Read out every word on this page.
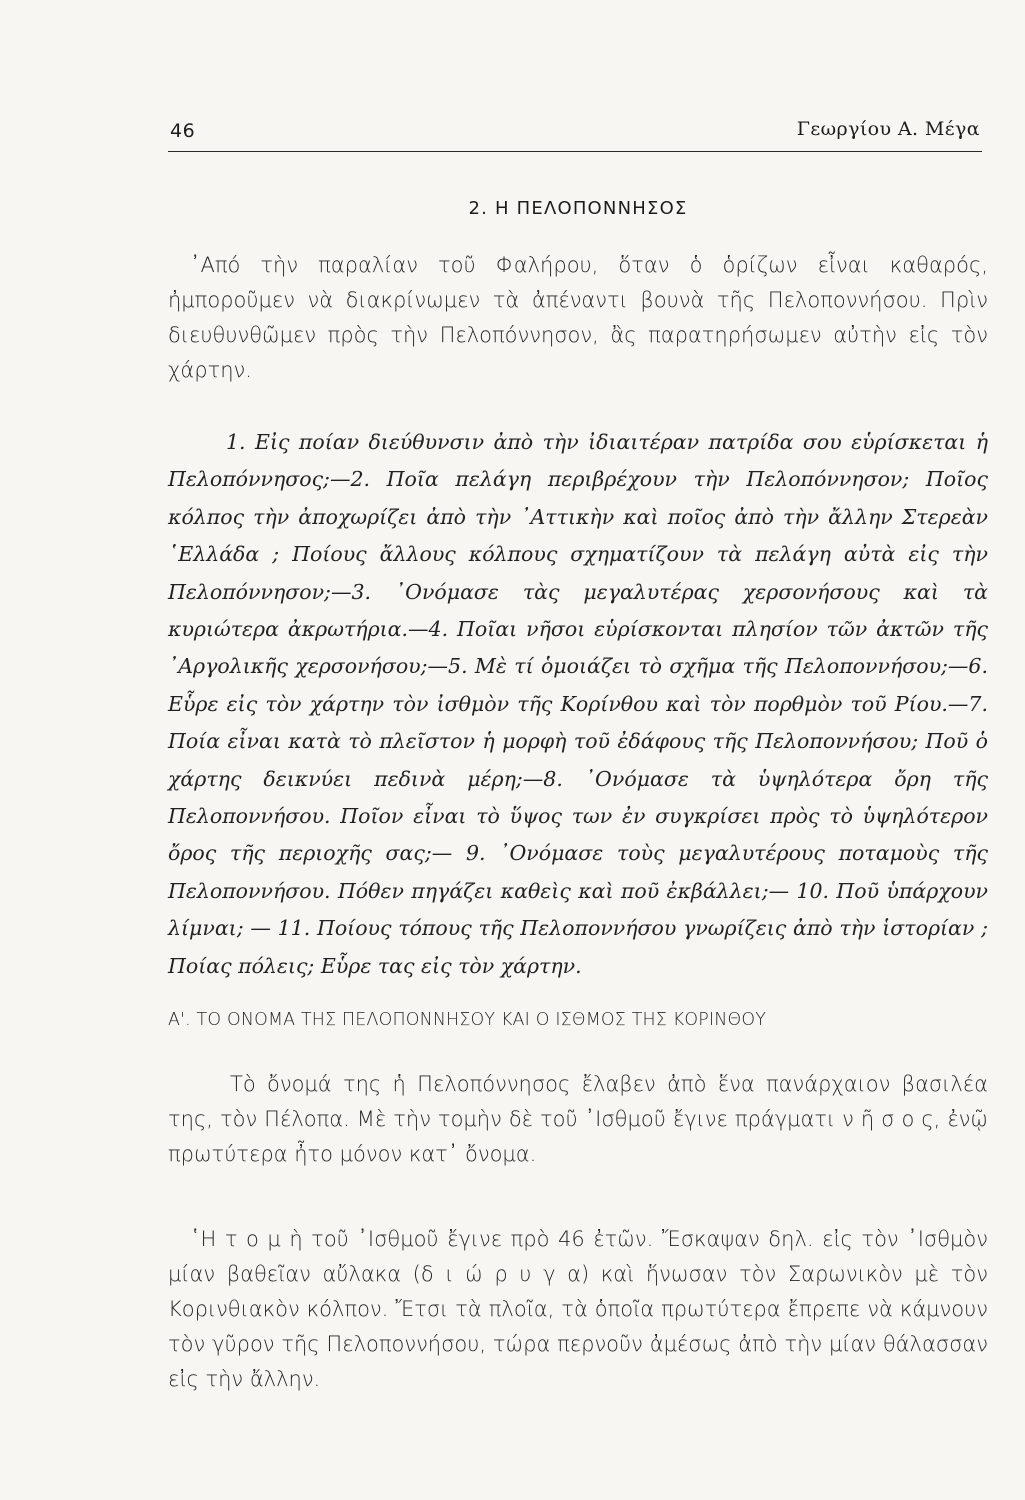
46	Γεωργίου Α. Μέγα
2. Η ΠΕΛΟΠΟΝΝΗΣΟΣ

᾿Από τὴν παραλίαν τοῦ Φαλήρου, ὅταν ὁ ὁρίζων εἶναι καθαρός, ἠμποροῦμεν νὰ διακρίνωμεν τὰ ἀπέναντι βουνὰ τῆς Πελοποννήσου. Πρὶν διευθυνθῶμεν πρὸς τὴν Πελοπόννησον, ἂς παρατηρήσωμεν αὐτὴν εἰς τὸν χάρτην.

1. Εἰς ποίαν διεύθυνσιν ἀπὸ τὴν ἰδιαιτέραν πατρίδα σου εὑρίσκεται ἡ Πελοπόννησος;—2. Ποῖα πελάγη περιβρέχουν τὴν Πελοπόννησον; Ποῖος κόλπος τὴν ἀποχωρίζει ἀπὸ τὴν ᾿Αττικὴν καὶ ποῖος ἀπὸ τὴν ἄλλην Στερεὰν ῾Ελλάδα ; Ποίους ἄλλους κόλπους σχηματίζουν τὰ πελάγη αὐτὰ εἰς τὴν Πελοπόννησον;—3. ᾿Ονόμασε τὰς μεγαλυτέρας χερσονήσους καὶ τὰ κυριώτερα ἀκρωτήρια.—4. Ποῖαι νῆσοι εὑρίσκονται πλησίον τῶν ἀκτῶν τῆς ᾿Αργολικῆς χερσονήσου;—5. Μὲ τί ὁμοιάζει τὸ σχῆμα τῆς Πελοποννήσου;—6. Εὗρε εἰς τὸν χάρτην τὸν ἰσθμὸν τῆς Κορίνθου καὶ τὸν πορθμὸν τοῦ Ρίου.—7. Ποία εἶναι κατὰ τὸ πλεῖστον ἡ μορφὴ τοῦ ἐδάφους τῆς Πελοποννήσου; Ποῦ ὁ χάρτης δεικνύει πεδινὰ μέρη;—8. ᾿Ονόμασε τὰ ὑψηλότερα ὄρη τῆς Πελοποννήσου. Ποῖον εἶναι τὸ ὕψος των ἐν συγκρίσει πρὸς τὸ ὑψηλότερον ὄρος τῆς περιοχῆς σας;— 9. ᾿Ονόμασε τοὺς μεγαλυτέρους ποταμοὺς τῆς Πελοποννήσου. Πόθεν πηγάζει καθεὶς καὶ ποῦ ἐκβάλλει;— 10. Ποῦ ὑπάρχουν λίμναι; — 11. Ποίους τόπους τῆς Πελοποννήσου γνωρίζεις ἀπὸ τὴν ἱστορίαν ; Ποίας πόλεις; Εὗρε τας εἰς τὸν χάρτην.

Α'. ΤΟ ΟΝΟΜΑ ΤΗΣ ΠΕΛΟΠΟΝΝΗΣΟΥ ΚΑΙ Ο ΙΣΘΜΟΣ ΤΗΣ ΚΟΡΙΝΘΟΥ

Τὸ ὄνομά της ἡ Πελοπόννησος ἔλαβεν ἀπὸ ἕνα πανάρχαιον βασιλέα της, τὸν Πέλοπα. Μὲ τὴν τομὴν δὲ τοῦ ᾿Ισθμοῦ ἔγινε πράγματι ν ῆ σ ο ς, ἐνῷ πρωτύτερα ἦτο μόνον κατ᾿ ὄνομα.

῾Η τ ο μ ὴ τοῦ ᾿Ισθμοῦ ἔγινε πρὸ 46 ἐτῶν. Ἔσκαψαν δηλ. εἰς τὸν ᾿Ισθμὸν μίαν βαθεῖαν αὔλακα (δ ι ώ ρ υ γ α) καὶ ἥνωσαν τὸν Σαρωνικὸν μὲ τὸν Κορινθιακὸν κόλπον. Ἔτσι τὰ πλοῖα, τὰ ὁποῖα πρωτύτερα ἔπρεπε νὰ κάμνουν τὸν γῦρον τῆς Πελοποννήσου, τώρα περνοῦν ἀμέσως ἀπὸ τὴν μίαν θάλασσαν εἰς τὴν ἄλλην.
